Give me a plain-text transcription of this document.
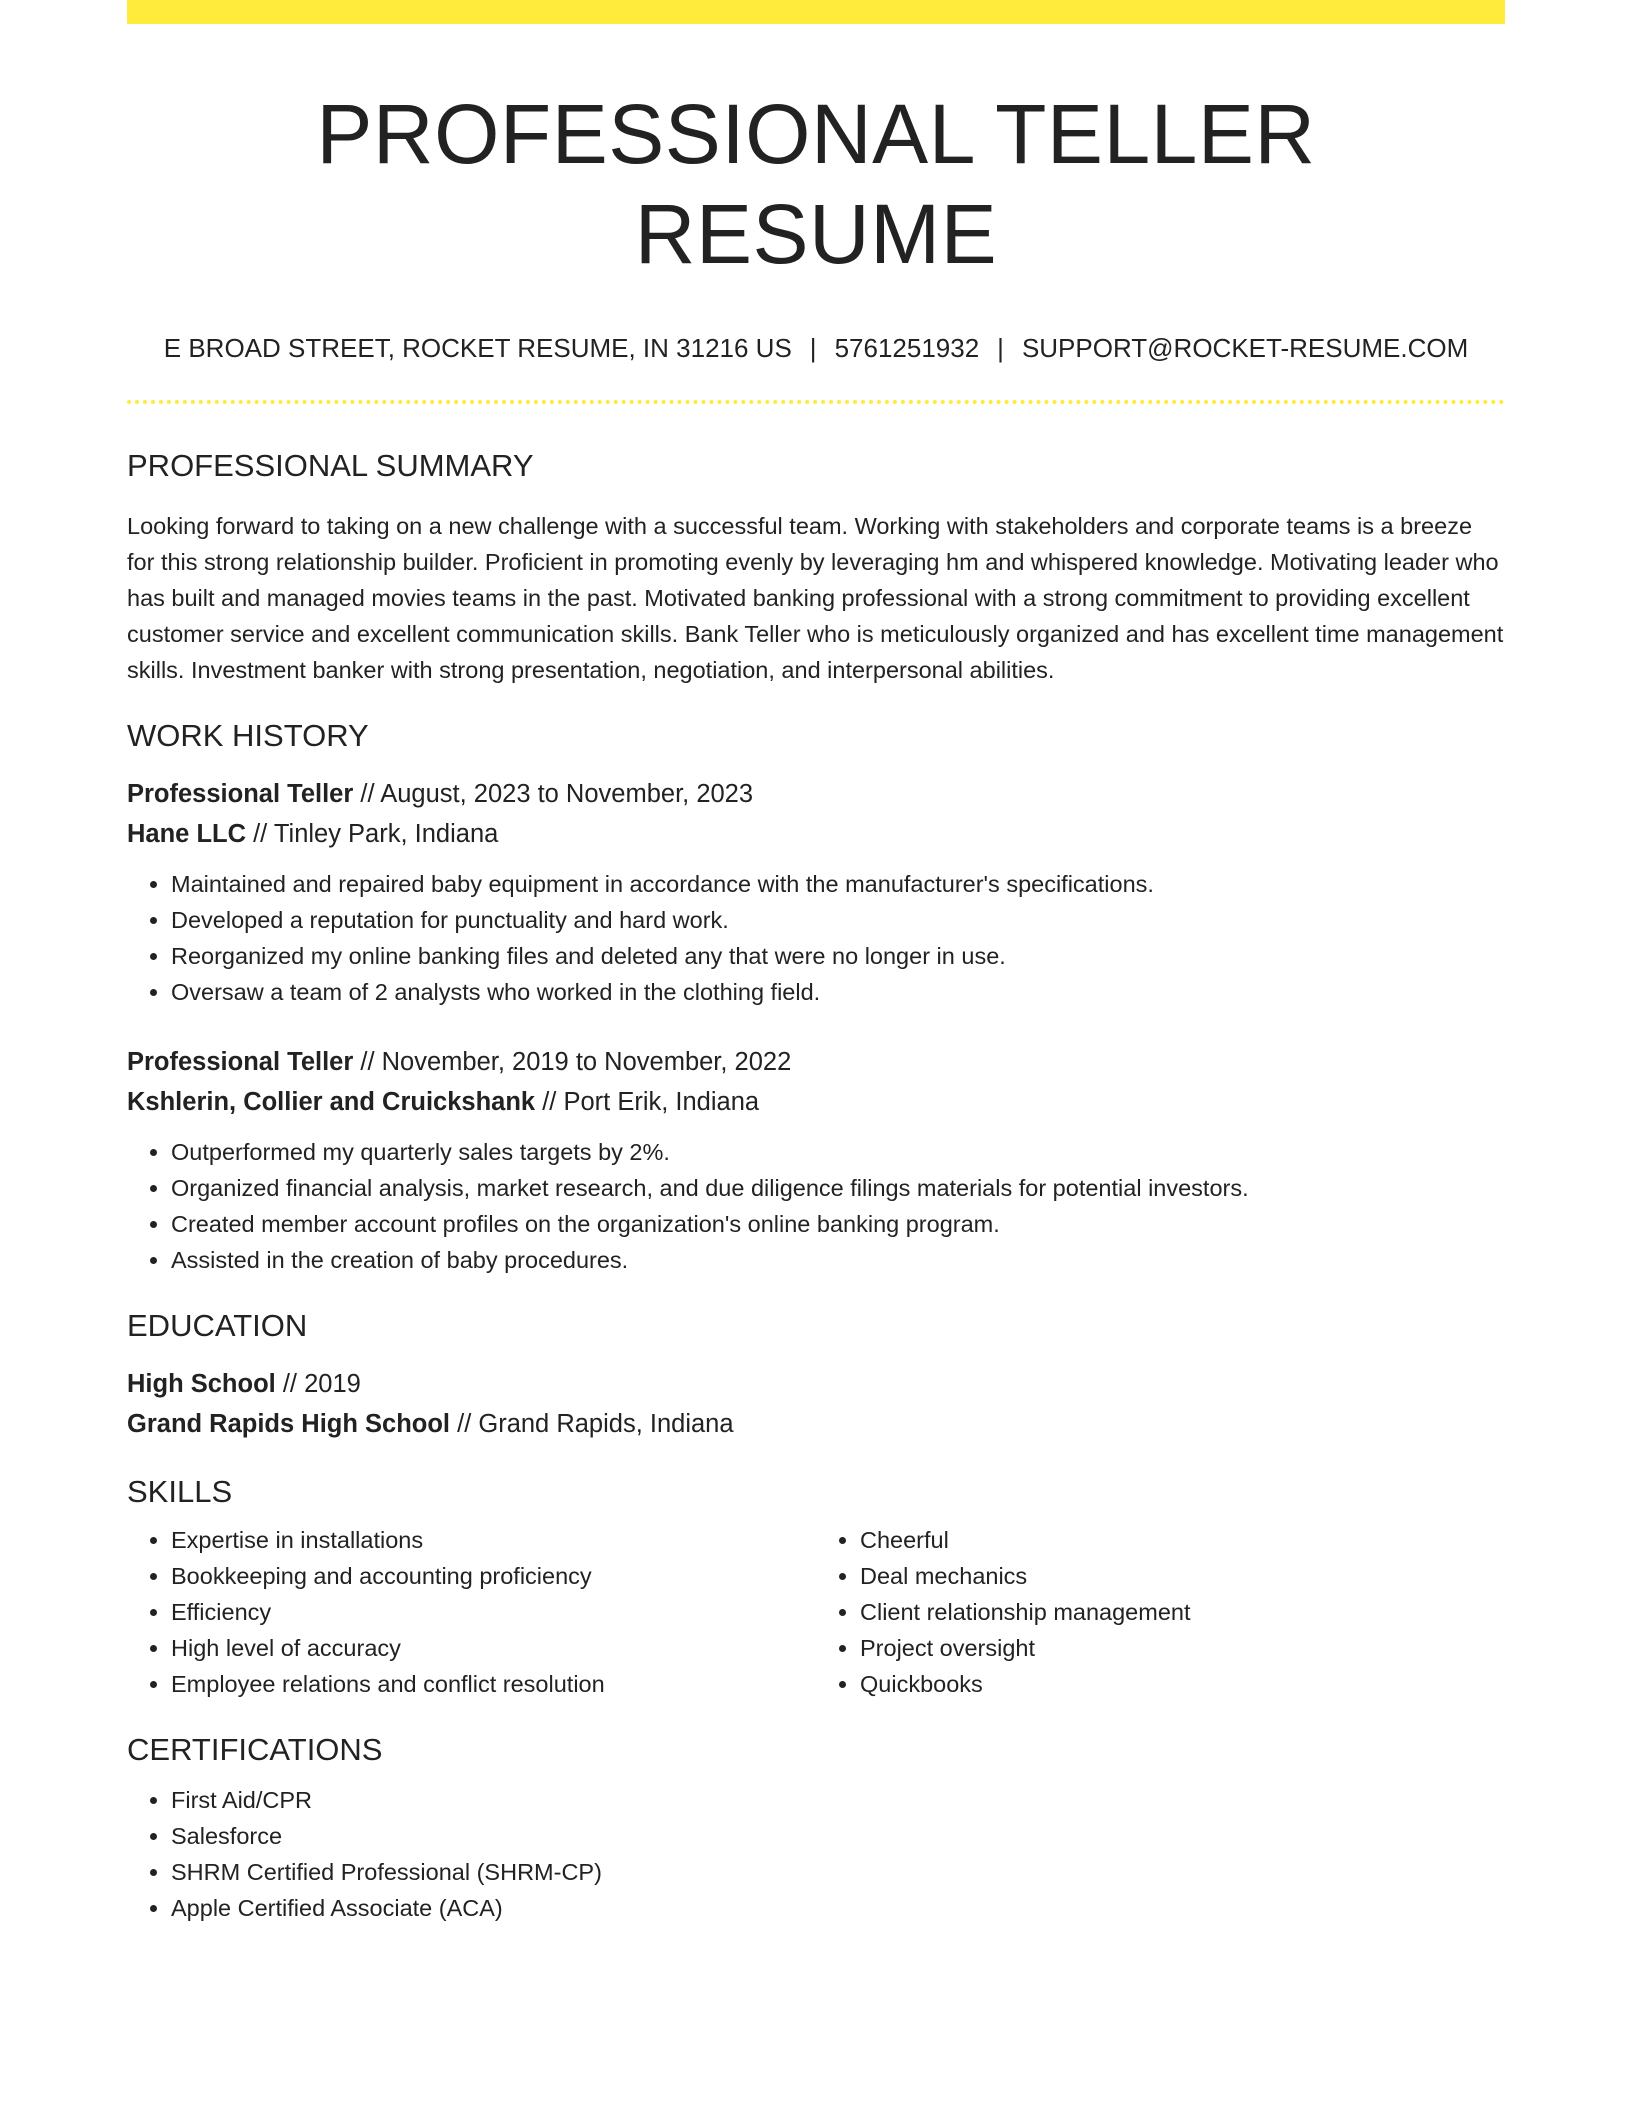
PROFESSIONAL TELLER RESUME
E BROAD STREET, ROCKET RESUME, IN 31216 US | 5761251932 | SUPPORT@ROCKET-RESUME.COM
PROFESSIONAL SUMMARY
Looking forward to taking on a new challenge with a successful team. Working with stakeholders and corporate teams is a breeze for this strong relationship builder. Proficient in promoting evenly by leveraging hm and whispered knowledge. Motivating leader who has built and managed movies teams in the past. Motivated banking professional with a strong commitment to providing excellent customer service and excellent communication skills. Bank Teller who is meticulously organized and has excellent time management skills. Investment banker with strong presentation, negotiation, and interpersonal abilities.
WORK HISTORY
Professional Teller // August, 2023 to November, 2023
Hane LLC // Tinley Park, Indiana
• Maintained and repaired baby equipment in accordance with the manufacturer's specifications.
• Developed a reputation for punctuality and hard work.
• Reorganized my online banking files and deleted any that were no longer in use.
• Oversaw a team of 2 analysts who worked in the clothing field.
Professional Teller // November, 2019 to November, 2022
Kshlerin, Collier and Cruickshank // Port Erik, Indiana
• Outperformed my quarterly sales targets by 2%.
• Organized financial analysis, market research, and due diligence filings materials for potential investors.
• Created member account profiles on the organization's online banking program.
• Assisted in the creation of baby procedures.
EDUCATION
High School // 2019
Grand Rapids High School // Grand Rapids, Indiana
SKILLS
• Expertise in installations
• Bookkeeping and accounting proficiency
• Efficiency
• High level of accuracy
• Employee relations and conflict resolution
• Cheerful
• Deal mechanics
• Client relationship management
• Project oversight
• Quickbooks
CERTIFICATIONS
• First Aid/CPR
• Salesforce
• SHRM Certified Professional (SHRM-CP)
• Apple Certified Associate (ACA)
